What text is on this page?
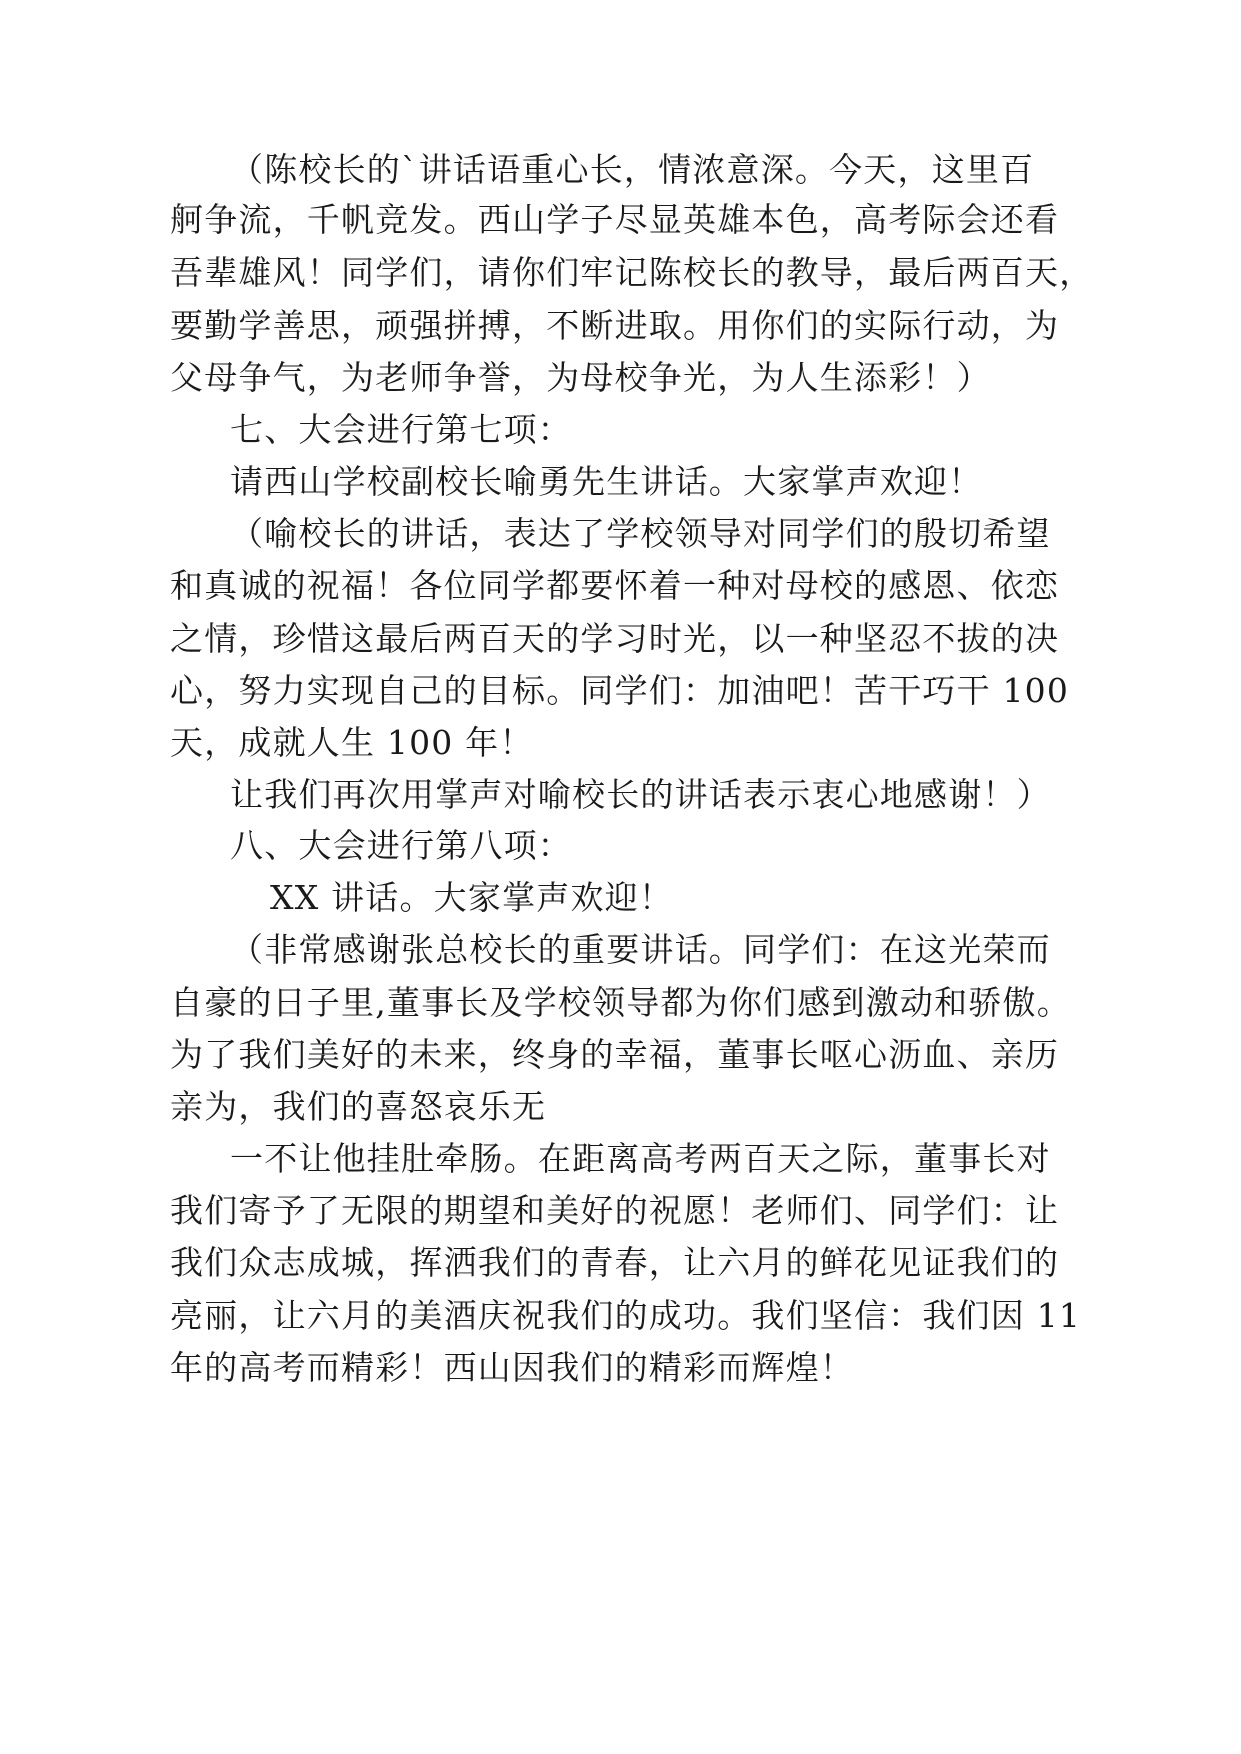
（陈校长的`讲话语重心长，情浓意深。今天，这里百
舸争流，千帆竞发。西山学子尽显英雄本色，高考际会还看
吾辈雄风！同学们，请你们牢记陈校长的教导，最后两百天，
要勤学善思，顽强拼搏，不断进取。用你们的实际行动，为
父母争气，为老师争誉，为母校争光，为人生添彩！）
七、大会进行第七项：
请西山学校副校长喻勇先生讲话。大家掌声欢迎！
（喻校长的讲话，表达了学校领导对同学们的殷切希望
和真诚的祝福！各位同学都要怀着一种对母校的感恩、依恋
之情，珍惜这最后两百天的学习时光，以一种坚忍不拔的决
心，努力实现自己的目标。同学们：加油吧！苦干巧干 100
天，成就人生 100 年！
让我们再次用掌声对喻校长的讲话表示衷心地感谢！）
八、大会进行第八项：
XX 讲话。大家掌声欢迎！
（非常感谢张总校长的重要讲话。同学们：在这光荣而
自豪的日子里,董事长及学校领导都为你们感到激动和骄傲。
为了我们美好的未来，终身的幸福，董事长呕心沥血、亲历
亲为，我们的喜怒哀乐无
一不让他挂肚牵肠。在距离高考两百天之际，董事长对
我们寄予了无限的期望和美好的祝愿！老师们、同学们：让
我们众志成城，挥洒我们的青春，让六月的鲜花见证我们的
亮丽，让六月的美酒庆祝我们的成功。我们坚信：我们因 11
年的高考而精彩！西山因我们的精彩而辉煌！
